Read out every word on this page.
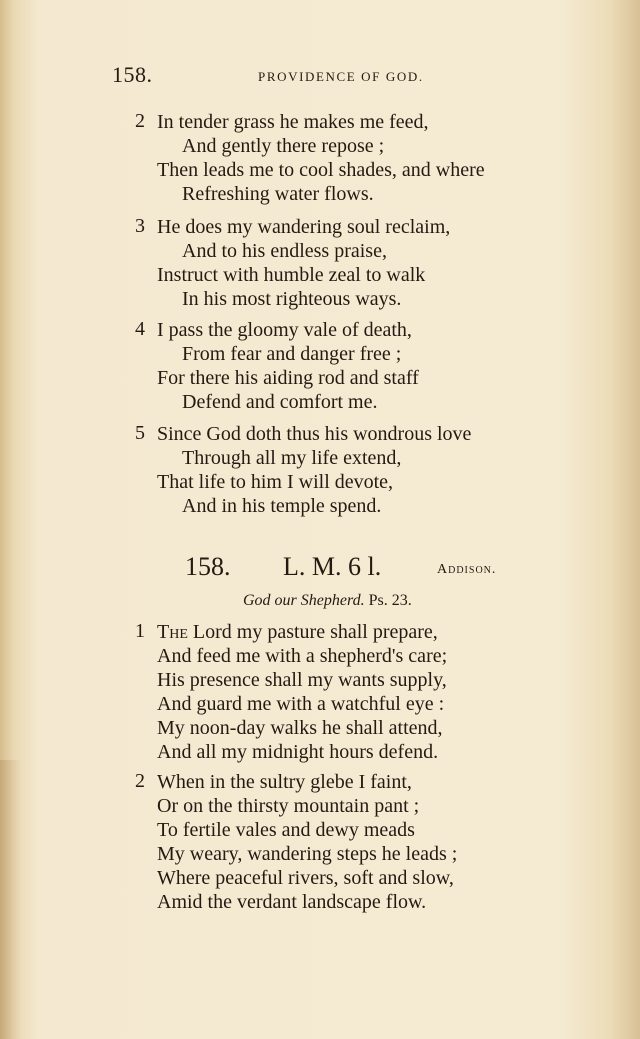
158.	PROVIDENCE OF GOD.
2 In tender grass he makes me feed,
And gently there repose ;
Then leads me to cool shades, and where
Refreshing water flows.
3 He does my wandering soul reclaim,
And to his endless praise,
Instruct with humble zeal to walk
In his most righteous ways.
4 I pass the gloomy vale of death,
From fear and danger free ;
For there his aiding rod and staff
Defend and comfort me.
5 Since God doth thus his wondrous love
Through all my life extend,
That life to him I will devote,
And in his temple spend.
158. L. M. 6 l.	Addison.
God our Shepherd. Ps. 23.
1 The Lord my pasture shall prepare,
And feed me with a shepherd's care;
His presence shall my wants supply,
And guard me with a watchful eye :
My noon-day walks he shall attend,
And all my midnight hours defend.
2 When in the sultry glebe I faint,
Or on the thirsty mountain pant ;
To fertile vales and dewy meads
My weary, wandering steps he leads ;
Where peaceful rivers, soft and slow,
Amid the verdant landscape flow.
